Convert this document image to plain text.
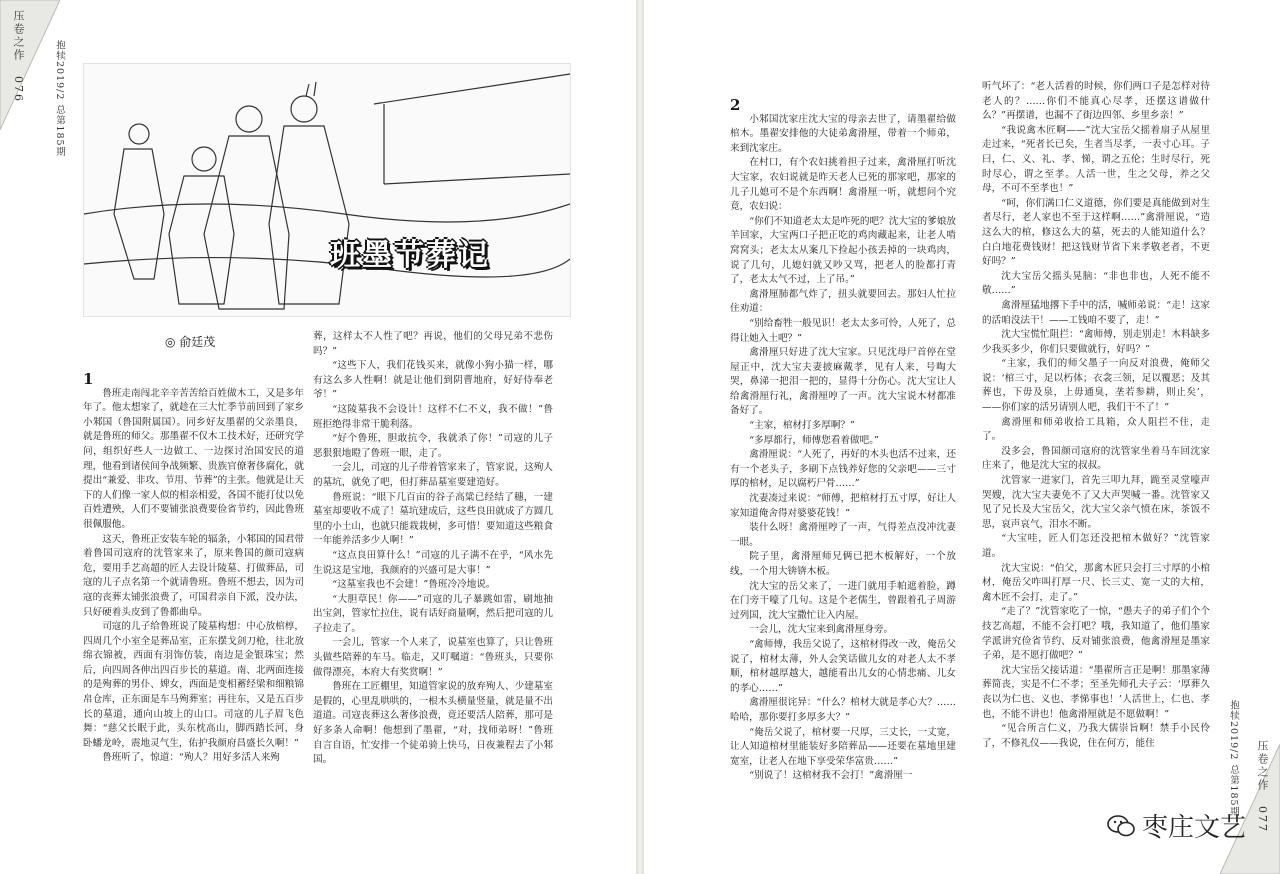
压卷之作 076	抱犊2019/2 总第185期
班墨节葬记
◎ 俞廷茂

1

鲁班走南闯北辛辛苦苦给百姓做木工，又是多年年了。他太想家了，就趁在三大忙季节前回到了家乡小邾国（鲁国附属国）。同乡好友墨翟的父亲墨良，就是鲁班的师父。那墨翟不仅木工技术好，还研究学问，组织好些人一边做工、一边探讨治国安民的道理，他看到诸侯间争战频繁、贵族官僚奢侈腐化，就提出“兼爱、非攻、节用、节葬”的主张。他就是让天下的人们像一家人似的相亲相爱，各国不能打仗以免百姓遭殃，人们不要铺张浪费要俭省节约，因此鲁班很佩服他。

这天，鲁班正安装车轮的辐条，小邾国的国君带着鲁国司寇府的沈管家来了，原来鲁国的颜司寇病危，要用手艺高超的匠人去设计陵墓、打做葬品，司寇的儿子点名第一个就请鲁班。鲁班不想去，因为司寇的丧葬太铺张浪费了，可国君亲自下派，没办法，只好硬着头皮到了鲁都曲阜。

司寇的儿子给鲁班说了陵墓构想：中心放棺椁，四周几个小室全是葬品室，正东摆戈剑刀枪，往北放绵衣锦被，西面有羽饰仿装，南边是金银珠宝；然后，向四周各伸出四百步长的墓道。南、北两面连接的是殉葬的男仆、婢女，西面是变相蓄经梁和细粮锦帛仓库，正东面是车马殉葬室；再往东，又是五百步长的墓道，通向山坡上的山口。司寇的儿子眉飞色舞：“慈父长眠于此，头东枕高山，脚西踏长河，身卧蟠龙岭，震地灵气生，佑护我颜府昌盛长久啊！”

鲁班听了，惊道：“殉人？用好多活人来殉

葬，这样太不人性了吧？再说，他们的父母兄弟不悲伤吗？”

“这些下人，我们花钱买来，就像小狗小猫一样，哪有这么多人性啊！就是让他们到阴曹地府，好好侍奉老爷！”

“这陵墓我不会设计！这样不仁不义，我不做！”鲁班拒绝得非常干脆利落。

“好个鲁班，胆敢抗令，我就杀了你！”司寇的儿子恶狠狠地瞪了鲁班一眼，走了。

一会儿，司寇的儿子带着管家来了，管家说，这殉人的墓坑，就免了吧，但打葬品墓室要建造好。

鲁班说：“眼下几百亩的谷子高粱已经结了穗，一建墓室却要收不成了！墓坑建成后，这些良田就成了方圆几里的小土山，也就只能栽栽树，多可惜！要知道这些粮食一年能养活多少人啊！”

“这点良田算什么！”司寇的儿子满不在乎，“风水先生说这是宝地，我颜府的兴盛可是大事！”

“这墓室我也不会建！”鲁班冷冷地说。

“大胆草民！你——”司寇的儿子暴跳如雷，刷地抽出宝剑，管家忙拉住，说有话好商量啊，然后把司寇的儿子拉走了。

一会儿，管家一个人来了，说墓室也算了，只让鲁班头做些陪葬的车马。临走，又叮嘱道：“鲁班头，只要你做得漂亮，本府大有奖赏啊！”

鲁班在工匠棚里，知道管家说的放弃殉人、少建墓室是假的，心里乱哄哄的，一根木头横量竖量，就是量不出道道。司寇丧葬这么奢侈浪费，竟还要活人陪葬，那可是好多条人命啊！他想到了墨翟，“对，找师弟呀！”鲁班自言自语，忙安排一个徒弟骑上快马，日夜兼程去了小邾国。

2

小邾国沈家庄沈大宝的母亲去世了，请墨翟给做棺木。墨翟安排他的大徒弟禽滑厘，带着一个师弟，来到沈家庄。

在村口，有个农妇挑着担子过来，禽滑厘打听沈大宝家，农妇说就是昨天老人已死的那家吧，那家的儿子儿媳可不是个东西啊！禽滑厘一听，就想问个究竟，农妇说：

“你们不知道老太太是咋死的吧？沈大宝的爹娘放羊回家，大宝两口子把正吃的鸡肉藏起来，让老人啃窝窝头；老太太从案几下捡起小孩丢掉的一块鸡肉，说了几句，儿媳妇就又吵又骂，把老人的脸都打青了，老太太气不过，上了吊。”

禽滑厘肺都气炸了，扭头就要回去。那妇人忙拉住劝道：

“别给畜牲一般见识！老太太多可怜，人死了，总得让她入土吧？”

禽滑厘只好进了沈大宝家。只见沈母尸首停在堂屋正中，沈大宝夫妻披麻戴孝，见有人来，号啕大哭，鼻涕一把泪一把的，显得十分伤心。沈大宝让人给禽滑厘行礼，禽滑厘哼了一声。沈大宝说木材都准备好了。

“主家，棺材打多厚啊？”

“多厚都行，师傅您看着做吧。”

禽滑厘说：“人死了，再好的木头也活不过来，还有一个老头子，多刷下点钱养好您的父亲吧——三寸厚的棺材，足以腐朽尸骨……”

沈妻凑过来说：“师傅，把棺材打五寸厚，好让人家知道俺舍得对婆婆花钱！”

装什么呀！禽滑厘哼了一声，气得差点没冲沈妻一眼。

院子里，禽滑厘师兄俩已把木板解好，一个放线，一个用大锛锛木板。

沈大宝的岳父来了，一进门就用手帕遮着脸，蹲在门旁干嚎了几句。这是个老儒生，曾跟着孔子周游过列国，沈大宝撒忙让入内屋。

一会儿，沈大宝来到禽滑厘身旁。

“禽师傅，我岳父说了，这棺材得改一改，俺岳父说了，棺材太薄，外人会笑话做儿女的对老人太不孝顺，棺材越厚越大，越能看出儿女的心情悲痛、儿女的孝心……”

禽滑厘很诧异：“什么？棺材大就是孝心大？……哈哈，那你要打多厚多大？”

“俺岳父说了，棺材要一尺厚，三丈长，一丈宽，让人知道棺材里能装好多陪葬品——还要在墓地里建宽室，让老人在地下享受荣华富贵……”

“别说了！这棺材我不会打！”禽滑厘一

听气坏了：“老人活着的时候，你们两口子是怎样对待老人的？……你们不能真心尽孝，还摆这谱做什么？”再摆谱，也漏不了街边四邻、乡里乡亲！”

“我说禽木匠啊——”沈大宝岳父摇着扇子从屋里走过来，“死者长已矣，生者当尽孝，一表寸心耳。子曰，仁、义、礼、孝、悌，谓之五伦；生时尽行，死时尽心，谓之至孝。人活一世，生之父母，养之父母，不可不至孝也！”

“呵，你们满口仁义道德，你们要是真能做到对生者尽行，老人家也不至于这样啊……”禽滑厘说，“造这么大的棺，修这么大的墓，死去的人能知道什么？白白地花费钱财！把这钱财节省下来孝敬老者，不更好吗？”

沈大宝岳父摇头晃脑：“非也非也，人死不能不敬……”

禽滑厘猛地撂下手中的活，喊师弟说：“走！这家的活咱没法干！——工钱咱不要了，走！”

沈大宝慌忙阻拦：“禽师傅，别走别走！木料缺多少我买多少，你们只要做就行，好吗？”

“主家，我们的师父墨子一向反对浪费，俺师父说：‘棺三寸，足以朽体；衣衾三领，足以覆恶；及其葬也，下毋及泉，上毋通臭，垄若参耕，则止矣’，——你们家的活另请别人吧，我们干不了！”

禽滑厘和师弟收拾工具箱，众人阻拦不住，走了。

没多会，鲁国颜司寇府的沈管家坐着马车回沈家庄来了，他是沈大宝的叔叔。

沈管家一进家门，首先三叩九拜，跪至灵堂嚎声哭嫂，沈大宝夫妻免不了又大声哭喊一番。沈管家又见了兄长及大宝岳父，沈大宝父亲气愤在床，茶饭不思，哀声哀气，泪水不断。

“大宝哇，匠人们怎还没把棺木做好？”沈管家道。

沈大宝说：“伯父，那禽木匠只会打三寸厚的小棺材，俺岳父咋叫打厚一尺、长三丈、宽一丈的大棺，禽木匠不会打，走了。”

“走了？”沈管家吃了一惊，“愚夫子的弟子们个个技艺高超，不能不会打吧？哦，我知道了，他们墨家学派讲究俭省节约、反对铺张浪费，他禽滑厘是墨家子弟，是不愿打做吧？”

沈大宝岳父接话道：“墨翟所言正是啊！那墨家薄葬简丧，实是不仁不孝；至圣先师孔夫子云：‘厚葬久丧以为仁也、义也、孝悌事也！’人活世上，仁也、孝也，不能不讲也！他禽滑厘就是不愿做啊！”

“见合所言仁义，乃我大儒崇旨啊！禁手小民伶了，不修礼仪——我说，住在何方，能住	抱犊2019/2 总第185期	压卷之作 077
枣庄文艺
